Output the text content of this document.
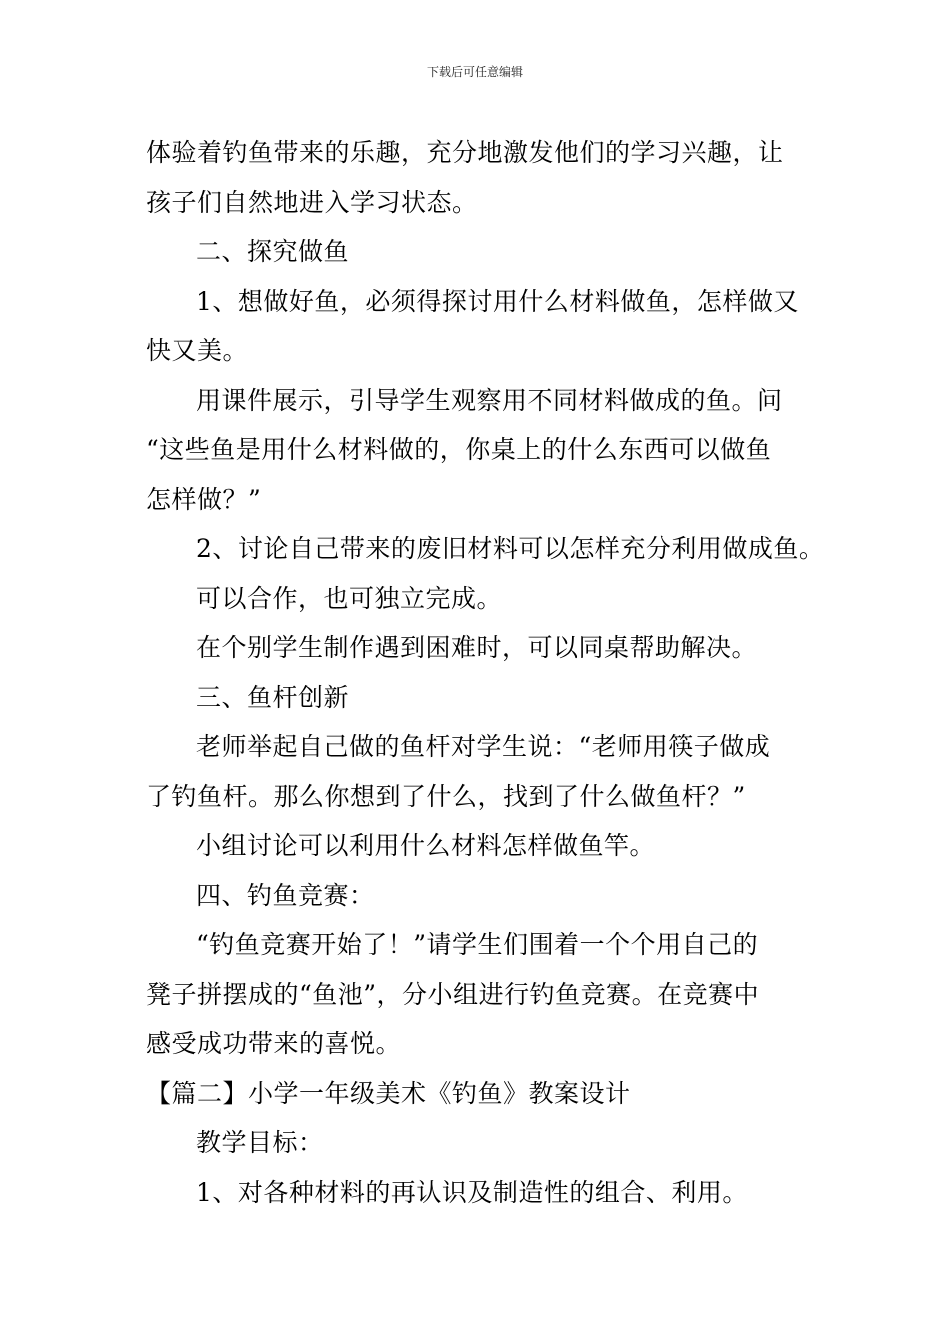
下载后可任意编辑
体验着钓鱼带来的乐趣，充分地激发他们的学习兴趣，让
孩子们自然地进入学习状态。
二、探究做鱼
1、想做好鱼，必须得探讨用什么材料做鱼，怎样做又
快又美。
用课件展示，引导学生观察用不同材料做成的鱼。问
“这些鱼是用什么材料做的，你桌上的什么东西可以做鱼
怎样做？”
2、讨论自己带来的废旧材料可以怎样充分利用做成鱼。
可以合作，也可独立完成。
在个别学生制作遇到困难时，可以同桌帮助解决。
三、鱼杆创新
老师举起自己做的鱼杆对学生说：“老师用筷子做成
了钓鱼杆。那么你想到了什么，找到了什么做鱼杆？”
小组讨论可以利用什么材料怎样做鱼竿。
四、钓鱼竞赛：
“钓鱼竞赛开始了！”请学生们围着一个个用自己的
凳子拼摆成的“鱼池”，分小组进行钓鱼竞赛。在竞赛中
感受成功带来的喜悦。
【篇二】小学一年级美术《钓鱼》教案设计
教学目标：
1、对各种材料的再认识及制造性的组合、利用。
